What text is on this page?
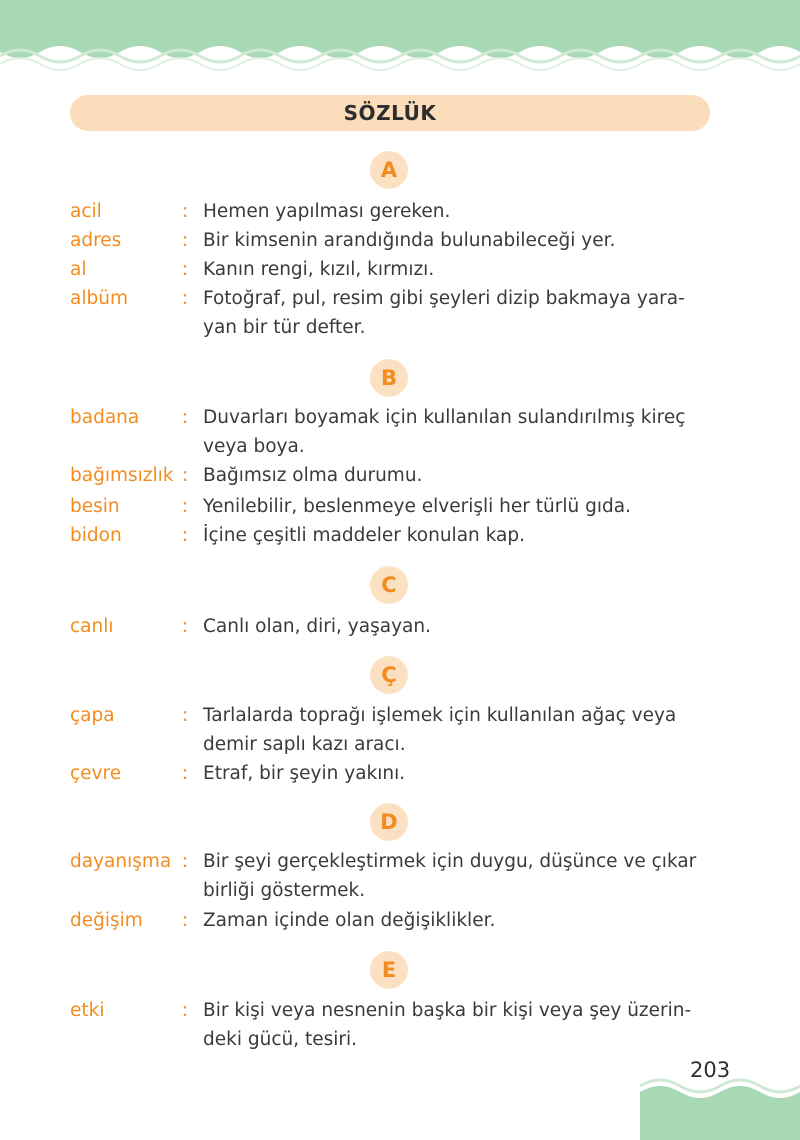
SÖZLÜK
A
acil	: Hemen yapılması gereken.
adres	: Bir kimsenin arandığında bulunabileceği yer.
al	: Kanın rengi, kızıl, kırmızı.
albüm	: Fotoğraf, pul, resim gibi şeyleri dizip bakmaya yara- yan bir tür defter.
B
badana : Duvarları boyamak için kullanılan sulandırılmış kireç veya boya.
bağımsızlık : Bağımsız olma durumu.
besin	: Yenilebilir, beslenmeye elverişli her türlü gıda.
bidon	: İçine çeşitli maddeler konulan kap.
C
canlı	: Canlı olan, diri, yaşayan.
Ç
çapa	: Tarlalarda toprağı işlemek için kullanılan ağaç veya demir saplı kazı aracı.
çevre	: Etraf, bir şeyin yakını.
D
dayanışma : Bir şeyi gerçekleştirmek için duygu, düşünce ve çıkar birliği göstermek.
değişim : Zaman içinde olan değişiklikler.
E
etki	: Bir kişi veya nesnenin başka bir kişi veya şey üzerin- deki gücü, tesiri.
203
